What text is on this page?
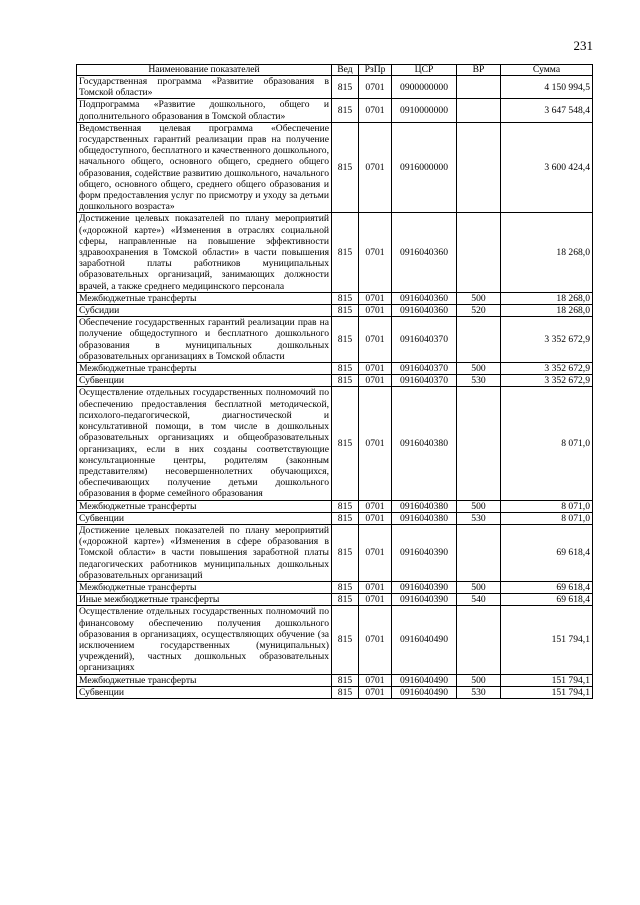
231
Наименование показателей	Вед	РзПр	ЦСР	ВР	Сумма
Государственная программа «Развитие образования в Томской области»	815	0701	0900000000		4 150 994,5
Подпрограмма «Развитие дошкольного, общего и дополнительного образования в Томской области»	815	0701	0910000000		3 647 548,4
Ведомственная целевая программа «Обеспечение государственных гарантий реализации прав на получение общедоступного, бесплатного и качественного дошкольного, начального общего, основного общего, среднего общего образования, содействие развитию дошкольного, начального общего, основного общего, среднего общего образования и форм предоставления услуг по присмотру и уходу за детьми дошкольного возраста»	815	0701	0916000000		3 600 424,4
Достижение целевых показателей по плану мероприятий («дорожной карте») «Изменения в отраслях социальной сферы, направленные на повышение эффективности здравоохранения в Томской области» в части повышения заработной платы работников муниципальных образовательных организаций, занимающих должности врачей, а также среднего медицинского персонала	815	0701	0916040360		18 268,0
Межбюджетные трансферты	815	0701	0916040360	500	18 268,0
Субсидии	815	0701	0916040360	520	18 268,0
Обеспечение государственных гарантий реализации прав на получение общедоступного и бесплатного дошкольного образования в муниципальных дошкольных образовательных организациях в Томской области	815	0701	0916040370		3 352 672,9
Межбюджетные трансферты	815	0701	0916040370	500	3 352 672,9
Субвенции	815	0701	0916040370	530	3 352 672,9
Осуществление отдельных государственных полномочий по обеспечению предоставления бесплатной методической, психолого-педагогической, диагностической и консультативной помощи, в том числе в дошкольных образовательных организациях и общеобразовательных организациях, если в них созданы соответствующие консультационные центры, родителям (законным представителям) несовершеннолетних обучающихся, обеспечивающих получение детьми дошкольного образования в форме семейного образования	815	0701	0916040380		8 071,0
Межбюджетные трансферты	815	0701	0916040380	500	8 071,0
Субвенции	815	0701	0916040380	530	8 071,0
Достижение целевых показателей по плану мероприятий («дорожной карте») «Изменения в сфере образования в Томской области» в части повышения заработной платы педагогических работников муниципальных дошкольных образовательных организаций	815	0701	0916040390		69 618,4
Межбюджетные трансферты	815	0701	0916040390	500	69 618,4
Иные межбюджетные трансферты	815	0701	0916040390	540	69 618,4
Осуществление отдельных государственных полномочий по финансовому обеспечению получения дошкольного образования в организациях, осуществляющих обучение (за исключением государственных (муниципальных) учреждений), частных дошкольных образовательных организациях	815	0701	0916040490		151 794,1
Межбюджетные трансферты	815	0701	0916040490	500	151 794,1
Субвенции	815	0701	0916040490	530	151 794,1
